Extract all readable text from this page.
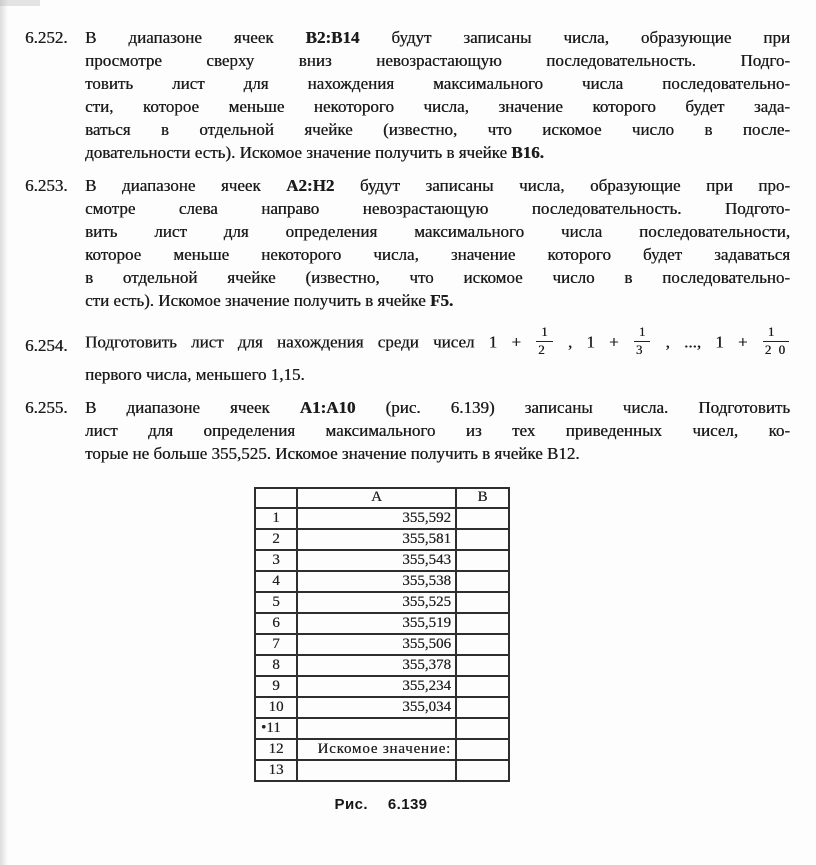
6.252.	В диапазоне ячеек B2:B14 будут записаны числа, образующие при
просмотре сверху вниз невозрастающую последовательность. Подго-
товить лист для нахождения максимального числа последовательно-
сти, которое меньше некоторого числа, значение которого будет зада-
ваться в отдельной ячейке (известно, что искомое число в после-
довательности есть). Искомое значение получить в ячейке B16.
6.253.	В диапазоне ячеек A2:H2 будут записаны числа, образующие при про-
смотре слева направо невозрастающую последовательность. Подгото-
вить лист для определения максимального числа последовательности,
которое меньше некоторого числа, значение которого будет задаваться
в отдельной ячейке (известно, что искомое число в последовательно-
сти есть). Искомое значение получить в ячейке F5.
6.254.	Подготовить лист для нахождения среди чисел $1 + \frac{1}{2}$ , $1 + \frac{1}{3}$ , ..., $1 + \frac{1}{2 0}$
первого числа, меньшего 1,15.
6.255.	В диапазоне ячеек A1:A10 (рис. 6.139) записаны числа. Подготовить
лист для определения максимального из тех приведенных чисел, ко-
торые не больше 355,525. Искомое значение получить в ячейке B12.
	A	B
1	355,592	
2	355,581	
3	355,543	
4	355,538	
5	355,525	
6	355,519	
7	355,506	
8	355,378	
9	355,234	
10	355,034	
•11		
12	Искомое значение:	
13		
Рис. 6.139
